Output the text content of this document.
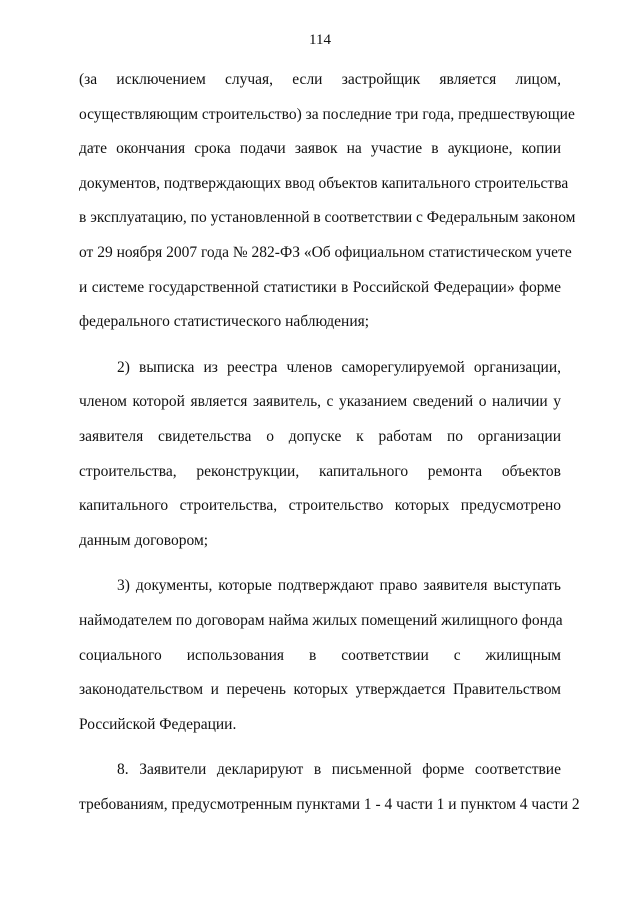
114
(за исключением случая, если застройщик является лицом,
осуществляющим строительство) за последние три года, предшествующие
дате окончания срока подачи заявок на участие в аукционе, копии
документов, подтверждающих ввод объектов капитального строительства
в эксплуатацию, по установленной в соответствии с Федеральным законом
от 29 ноября 2007 года № 282-ФЗ «Об официальном статистическом учете
и системе государственной статистики в Российской Федерации» форме
федерального статистического наблюдения;
2) выписка из реестра членов саморегулируемой организации,
членом которой является заявитель, с указанием сведений о наличии у
заявителя свидетельства о допуске к работам по организации
строительства, реконструкции, капитального ремонта объектов
капитального строительства, строительство которых предусмотрено
данным договором;
3) документы, которые подтверждают право заявителя выступать
наймодателем по договорам найма жилых помещений жилищного фонда
социального использования в соответствии с жилищным
законодательством и перечень которых утверждается Правительством
Российской Федерации.
8. Заявители декларируют в письменной форме соответствие
требованиям, предусмотренным пунктами 1 - 4 части 1 и пунктом 4 части 2
